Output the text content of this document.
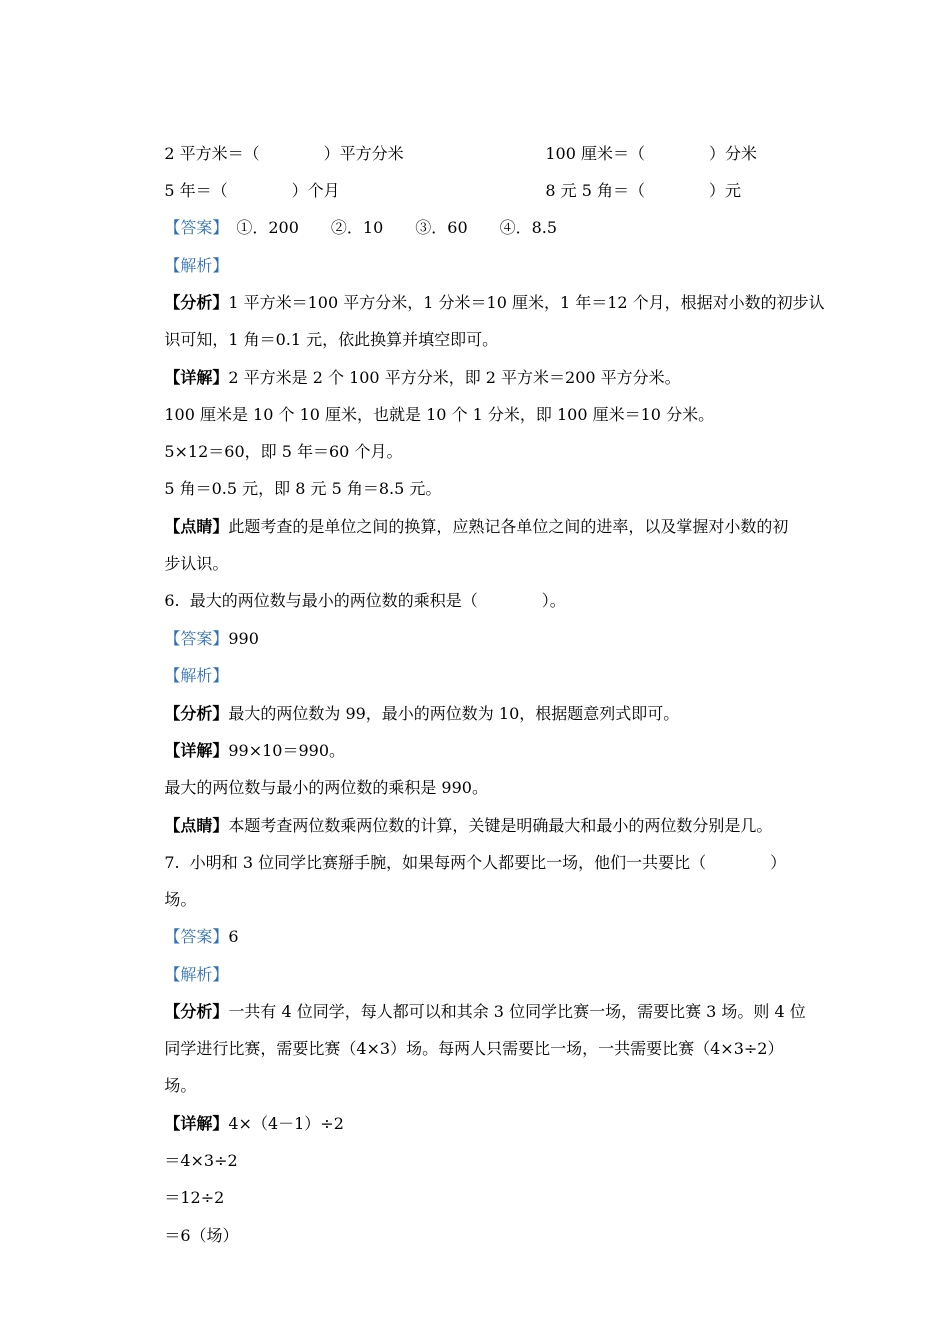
2 平方米＝（　　　　）平方分米
	100 厘米＝（　　　　）分米

5 年＝（　　　　）个月
	8 元 5 角＝（　　　　）元

【答案】　①．200　　②．10　　③．60　　④．8.5

【解析】

【分析】1 平方米＝100 平方分米，1 分米＝10 厘米，1 年＝12 个月，根据对小数的初步认

识可知，1 角＝0.1 元，依此换算并填空即可。

【详解】2 平方米是 2 个 100 平方分米，即 2 平方米＝200 平方分米。

100 厘米是 10 个 10 厘米，也就是 10 个 1 分米，即 100 厘米＝10 分米。

5×12＝60，即 5 年＝60 个月。

5 角＝0.5 元，即 8 元 5 角＝8.5 元。

【点睛】此题考查的是单位之间的换算，应熟记各单位之间的进率，以及掌握对小数的初

步认识。

6.  最大的两位数与最小的两位数的乘积是（　　　　）。

【答案】990

【解析】

【分析】最大的两位数为 99，最小的两位数为 10，根据题意列式即可。

【详解】99×10＝990。

最大的两位数与最小的两位数的乘积是 990。

【点睛】本题考查两位数乘两位数的计算，关键是明确最大和最小的两位数分别是几。

7.  小明和 3 位同学比赛掰手腕，如果每两个人都要比一场，他们一共要比（　　　　）

场。

【答案】6

【解析】

【分析】一共有 4 位同学，每人都可以和其余 3 位同学比赛一场，需要比赛 3 场。则 4 位

同学进行比赛，需要比赛（4×3）场。每两人只需要比一场，一共需要比赛（4×3÷2）

场。

【详解】4×（4－1）÷2

＝4×3÷2

＝12÷2

＝6（场）
